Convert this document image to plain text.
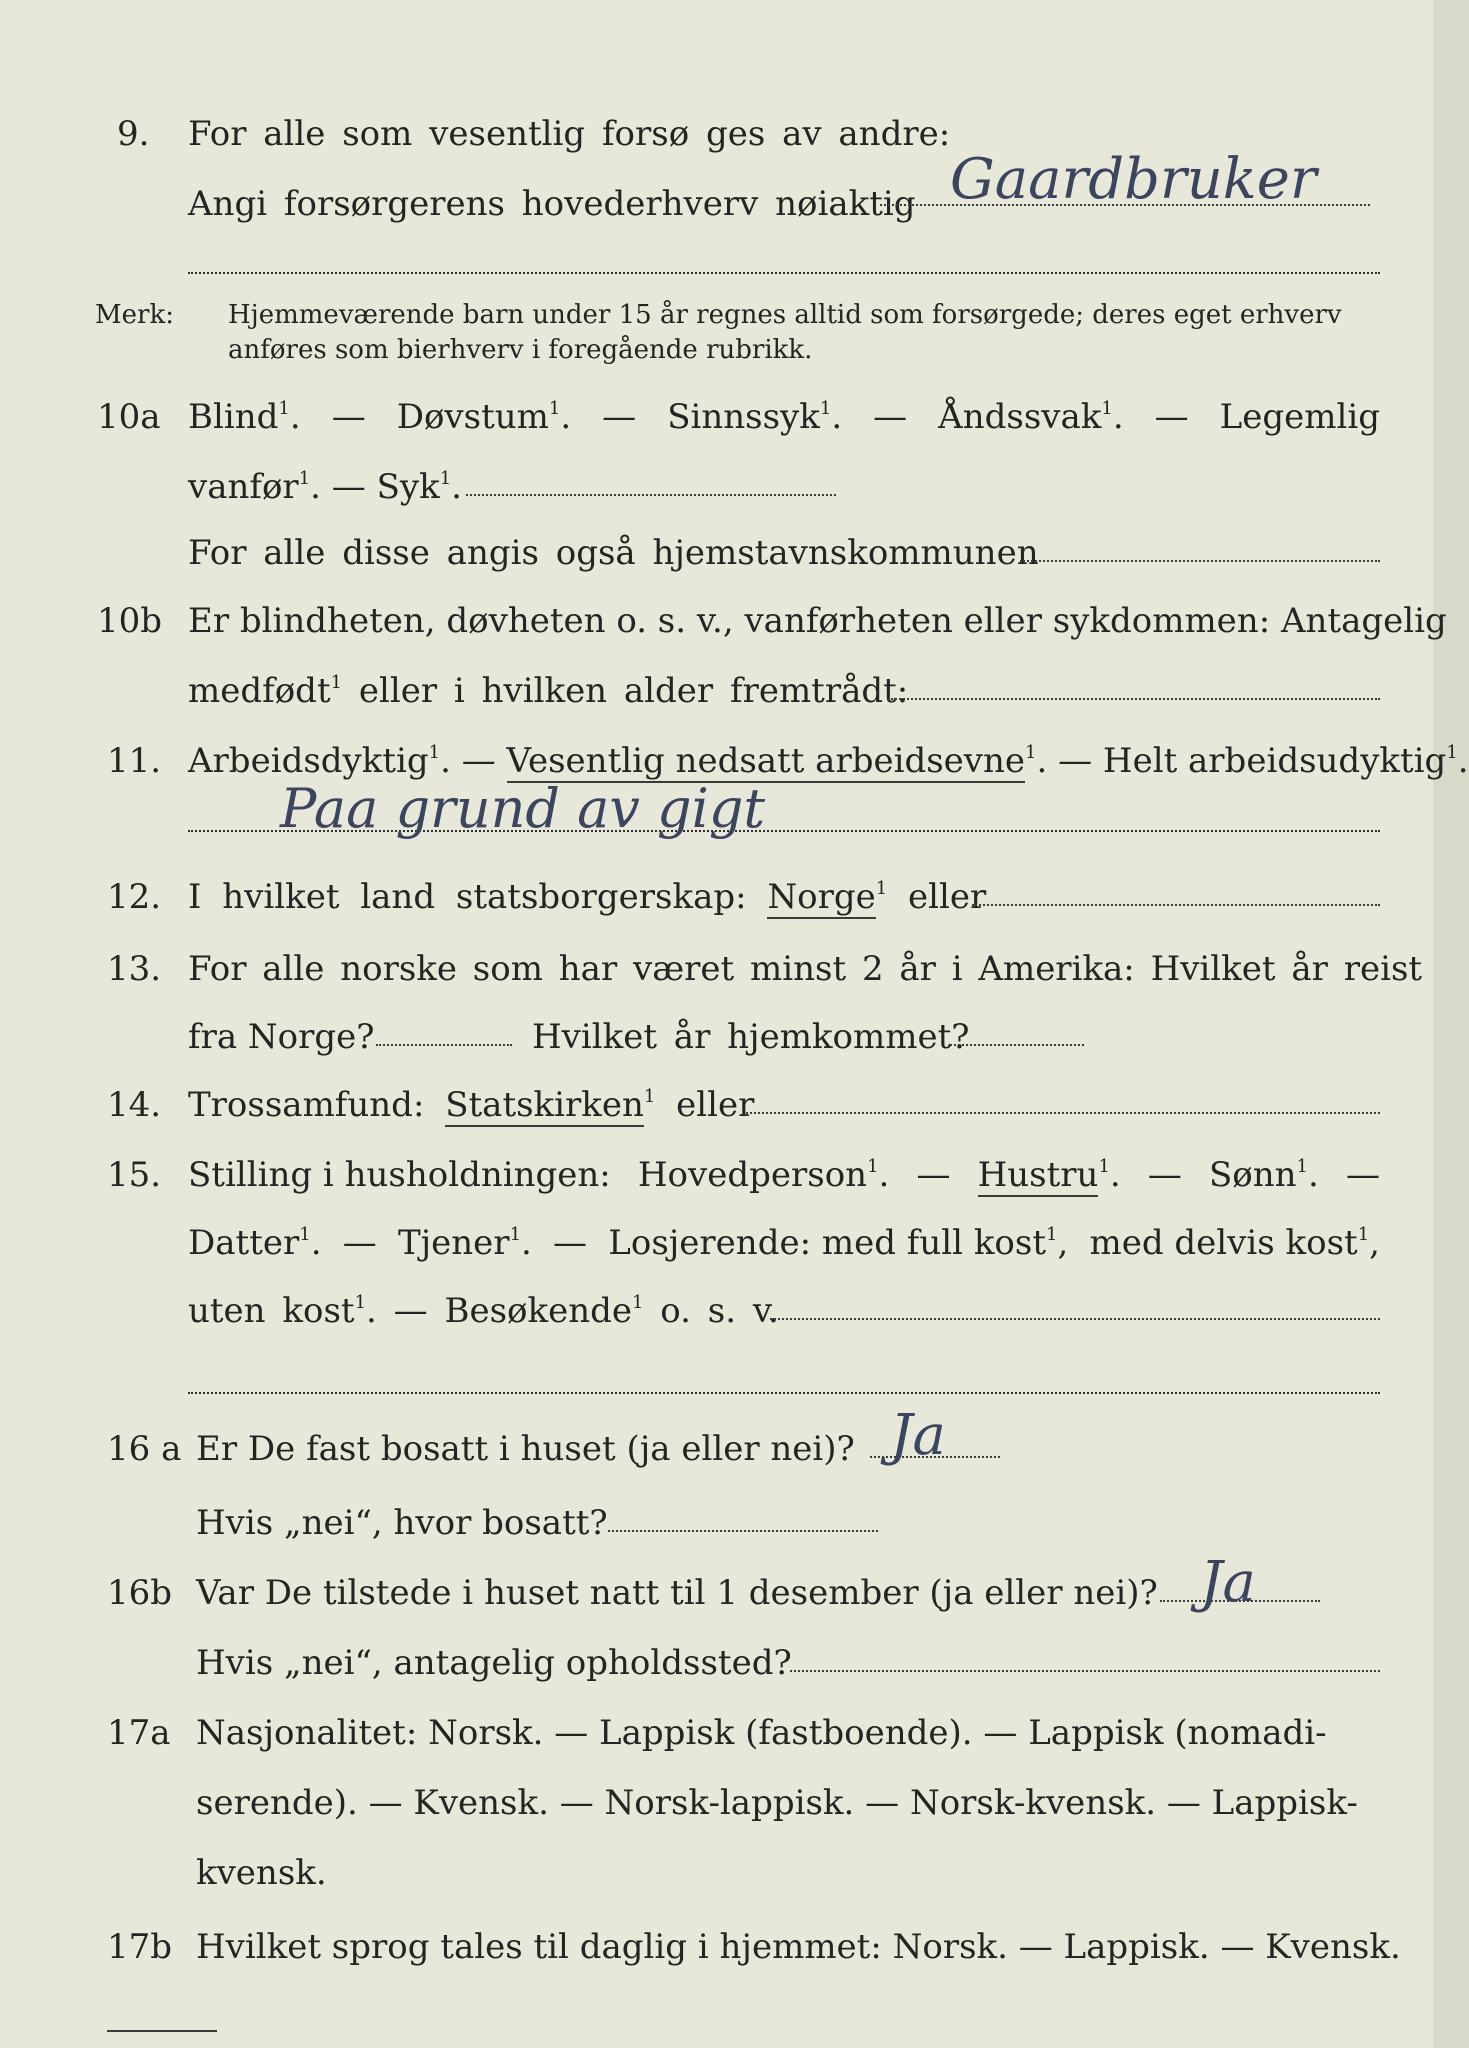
9. For alle som vesentlig forsø ges av andre:
Angi forsørgerens hovederhverv nøiaktig Gaardbruker
Merk: Hjemmeværende barn under 15 år regnes alltid som forsørgede; deres eget erhverv
anføres som bierhverv i foregående rubrikk.
10a Blind$^1$. — Døvstum$^1$. — Sinnssyk$^1$. — Åndssvak$^1$. — Legemlig
vanfør$^1$. — Syk$^1$.
For alle disse angis også hjemstavnskommunen
10b Er blindheten, døvheten o. s. v., vanførheten eller sykdommen: Antagelig
medfødt$^1$ eller i hvilken alder fremtrådt:
11. Arbeidsdyktig$^1$. — Vesentlig nedsatt arbeidsevne$^1$. — Helt arbeidsudyktig$^1$.
Paa grund av gigt
12. I hvilket land statsborgerskap: Norge$^1$ eller
13. For alle norske som har været minst 2 år i Amerika: Hvilket år reist
fra Norge?	Hvilket år hjemkommet?
14. Trossamfund: Statskirken$^1$ eller
15. Stilling i husholdningen: Hovedperson$^1$. — Hustru$^1$. — Sønn$^1$. —
Datter$^1$. — Tjener$^1$. — Losjerende: med full kost$^1$, med delvis kost$^1$,
uten kost$^1$. — Besøkende$^1$ o. s. v.
16 a Er De fast bosatt i huset (ja eller nei)? Ja
Hvis „nei“, hvor bosatt?
16b Var De tilstede i huset natt til 1 desember (ja eller nei)? Ja
Hvis „nei“, antagelig opholdssted?
17a Nasjonalitet: Norsk. — Lappisk (fastboende). — Lappisk (nomadi-
serende). — Kvensk. — Norsk-lappisk. — Norsk-kvensk. — Lappisk-
kvensk.
17b Hvilket sprog tales til daglig i hjemmet: Norsk. — Lappisk. — Kvensk.
